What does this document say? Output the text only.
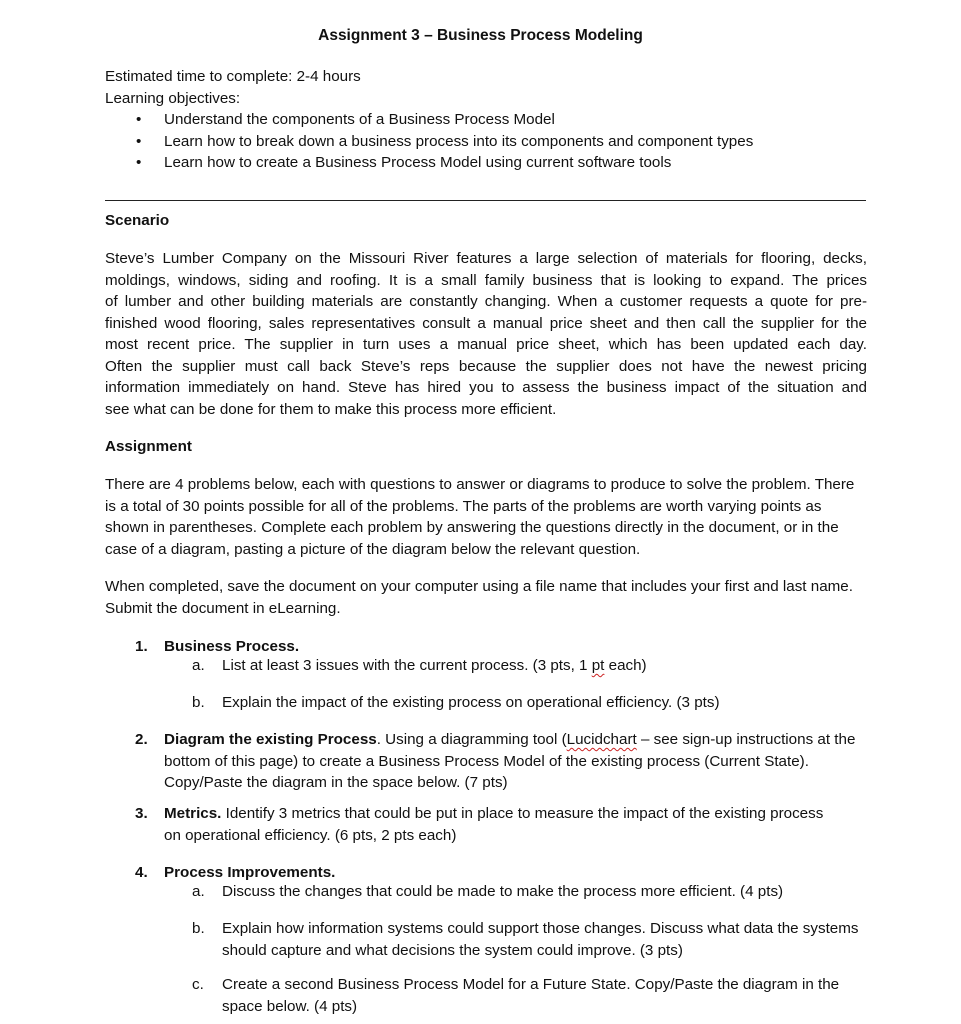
Assignment 3 – Business Process Modeling
Estimated time to complete: 2-4 hours
Learning objectives:
• Understand the components of a Business Process Model
• Learn how to break down a business process into its components and component types
• Learn how to create a Business Process Model using current software tools
Scenario
Steve’s Lumber Company on the Missouri River features a large selection of materials for flooring, decks,
moldings, windows, siding and roofing. It is a small family business that is looking to expand. The prices
of lumber and other building materials are constantly changing. When a customer requests a quote for pre-
finished wood flooring, sales representatives consult a manual price sheet and then call the supplier for the
most recent price. The supplier in turn uses a manual price sheet, which has been updated each day.
Often the supplier must call back Steve’s reps because the supplier does not have the newest pricing
information immediately on hand. Steve has hired you to assess the business impact of the situation and
see what can be done for them to make this process more efficient.
Assignment
There are 4 problems below, each with questions to answer or diagrams to produce to solve the problem. There is a total of 30 points possible for all of the problems. The parts of the problems are worth varying points as shown in parentheses. Complete each problem by answering the questions directly in the document, or in the case of a diagram, pasting a picture of the diagram below the relevant question.
When completed, save the document on your computer using a file name that includes your first and last name. Submit the document in eLearning.
1. Business Process.
a. List at least 3 issues with the current process. (3 pts, 1 pt each)
b. Explain the impact of the existing process on operational efficiency. (3 pts)
2. Diagram the existing Process. Using a diagramming tool (Lucidchart – see sign-up instructions at the bottom of this page) to create a Business Process Model of the existing process (Current State). Copy/Paste the diagram in the space below. (7 pts)
3. Metrics. Identify 3 metrics that could be put in place to measure the impact of the existing process on operational efficiency. (6 pts, 2 pts each)
4. Process Improvements.
a. Discuss the changes that could be made to make the process more efficient. (4 pts)
b. Explain how information systems could support those changes. Discuss what data the systems should capture and what decisions the system could improve. (3 pts)
c. Create a second Business Process Model for a Future State. Copy/Paste the diagram in the space below. (4 pts)
